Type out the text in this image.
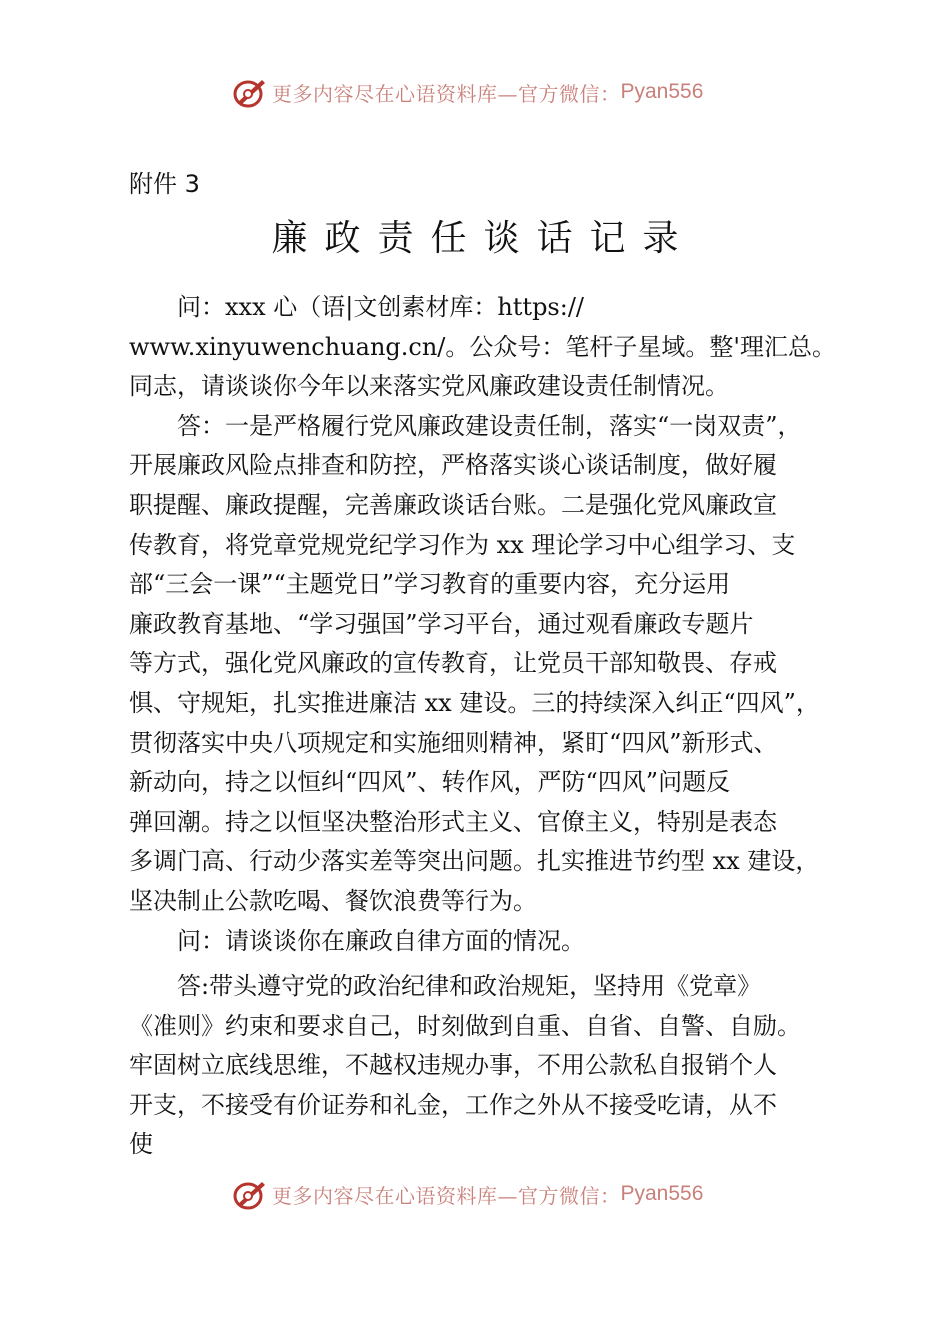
更多内容尽在心语资料库—官方微信： Pyan556
附件 3
廉政责任谈话记录
问：xxx 心（语|文创素材库：https://
www.xinyuwenchuang.cn/。公众号：笔杆子星域。整'理汇总。
同志，请谈谈你今年以来落实党风廉政建设责任制情况。
答：一是严格履行党风廉政建设责任制，落实“一岗双责”，
开展廉政风险点排查和防控，严格落实谈心谈话制度，做好履
职提醒、廉政提醒，完善廉政谈话台账。二是强化党风廉政宣
传教育，将党章党规党纪学习作为 xx 理论学习中心组学习、支
部“三会一课”“主题党日”学习教育的重要内容，充分运用
廉政教育基地、“学习强国”学习平台，通过观看廉政专题片
等方式，强化党风廉政的宣传教育，让党员干部知敬畏、存戒
惧、守规矩，扎实推进廉洁 xx 建设。三的持续深入纠正“四风”，
贯彻落实中央八项规定和实施细则精神，紧盯“四风”新形式、
新动向，持之以恒纠“四风”、转作风，严防“四风”问题反
弹回潮。持之以恒坚决整治形式主义、官僚主义，特别是表态
多调门高、行动少落实差等突出问题。扎实推进节约型 xx 建设，
坚决制止公款吃喝、餐饮浪费等行为。
问：请谈谈你在廉政自律方面的情况。
答:带头遵守党的政治纪律和政治规矩，坚持用《党章》
《准则》约束和要求自己，时刻做到自重、自省、自警、自励。
牢固树立底线思维，不越权违规办事，不用公款私自报销个人
开支，不接受有价证券和礼金，工作之外从不接受吃请，从不
使
更多内容尽在心语资料库—官方微信： Pyan556
